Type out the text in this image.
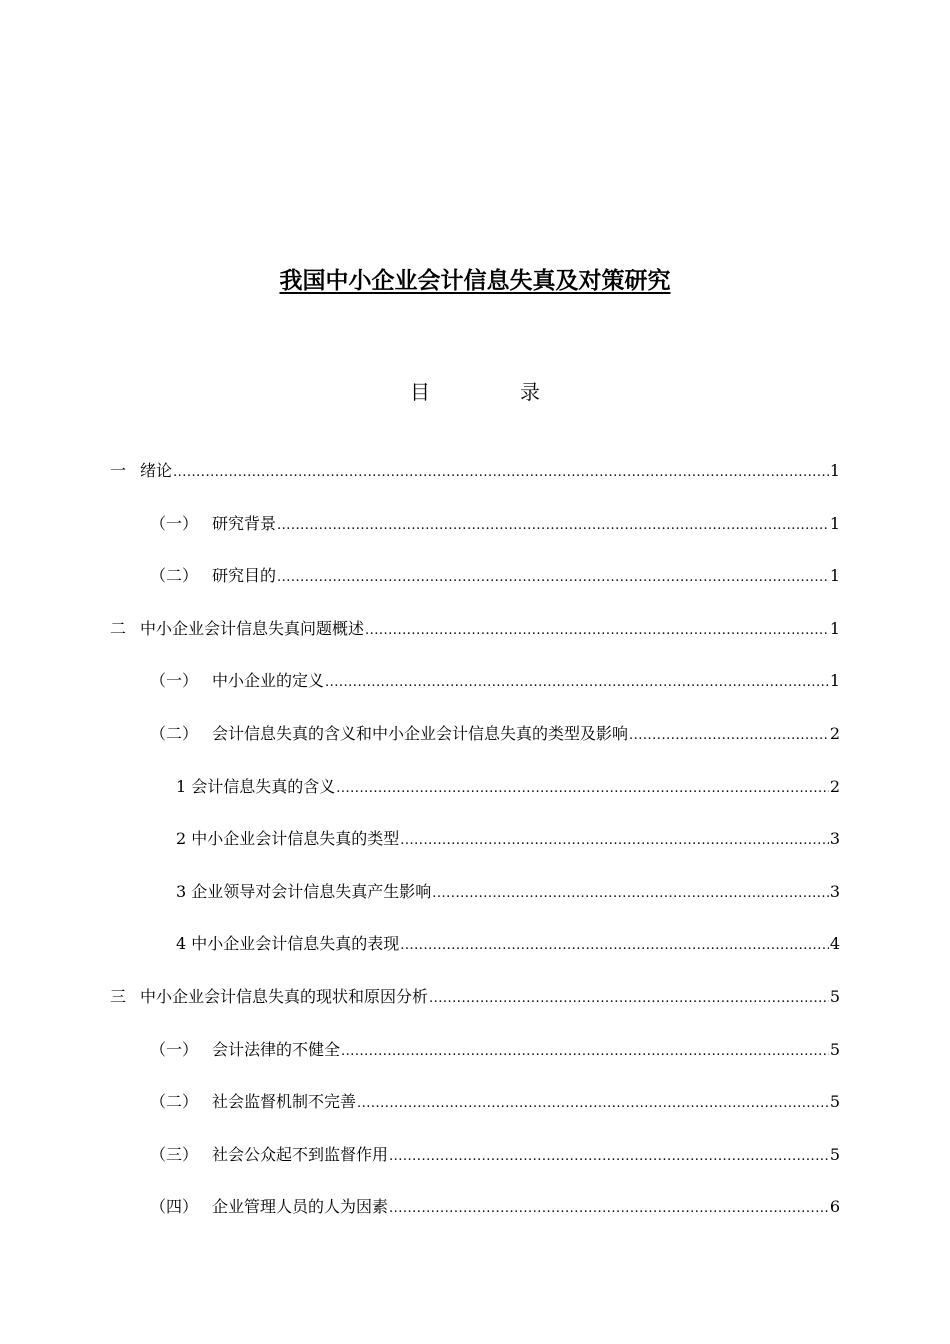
我国中小企业会计信息失真及对策研究
目	录
一 绪论 .....	1
（一） 研究背景 .....	1
（二） 研究目的 .....	1
二 中小企业会计信息失真问题概述 .....	1
（一） 中小企业的定义 .....	1
（二） 会计信息失真的含义和中小企业会计信息失真的类型及影响 .....	2
1 会计信息失真的含义 .....	2
2 中小企业会计信息失真的类型 .....	3
3 企业领导对会计信息失真产生影响 .....	3
4 中小企业会计信息失真的表现 .....	4
三 中小企业会计信息失真的现状和原因分析 .....	5
（一） 会计法律的不健全 .....	5
（二） 社会监督机制不完善 .....	5
（三） 社会公众起不到监督作用 .....	5
（四） 企业管理人员的人为因素 .....	6
